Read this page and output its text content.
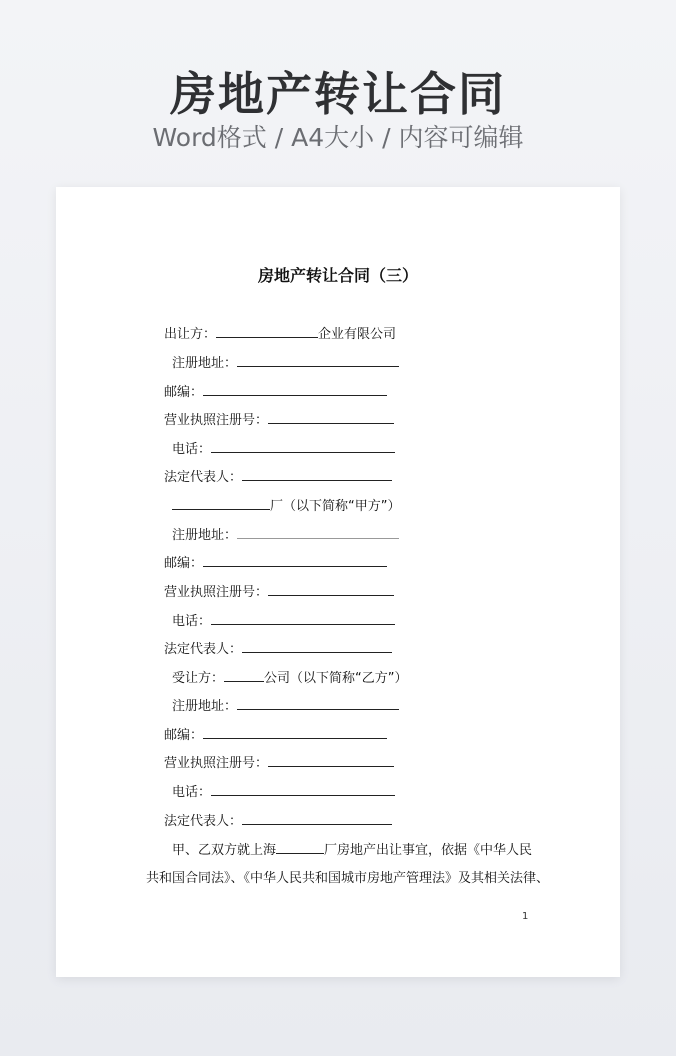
房地产转让合同
Word格式 / A4大小 / 内容可编辑
房地产转让合同（三）
出让方：	企业有限公司
注册地址：
邮编：
营业执照注册号：
电话：
法定代表人：
厂（以下简称“甲方”）
注册地址：
邮编：
营业执照注册号：
电话：
法定代表人：
受让方：	公司（以下简称“乙方”）
注册地址：
邮编：
营业执照注册号：
电话：
法定代表人：
甲、乙双方就上海	厂房地产出让事宜，依据《中华人民
共和国合同法》、《中华人民共和国城市房地产管理法》及其相关法律、
1
